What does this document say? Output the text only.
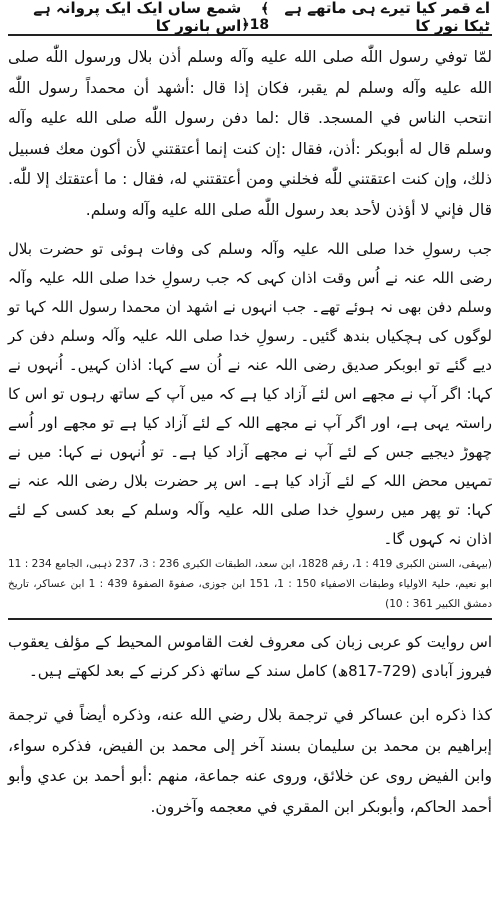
اے قمر کیا تیرے ہی ماتھے ہے ٹیکا نور کا
﴾18﴿
شمع ساں ایک ایک پروانہ ہے اس بانور کا

لمّا توفي رسول اللّٰه صلى الله عليه وآله وسلم أذن بلال ورسول اللّٰه صلى الله عليه وآله وسلم لم يقبر، فكان إذا قال :أشهد أن محمداً رسول اللّٰه انتحب الناس في المسجد. قال :لما دفن رسول اللّٰه صلى الله عليه وآله وسلم قال له أبوبكر :أذن، فقال :إن كنت إنما أعتقتني لأن أكون معك فسبيل ذلك، وإن كنت اعتقتني للّٰه فخلني ومن أعتقتني له، فقال : ما أعتقتك إلا للّٰه. قال فإني لا أؤذن لأحد بعد رسول اللّٰه صلى الله عليه وآله وسلم.

جب رسولِ خدا صلی اللہ علیہ وآلہ وسلم کی وفات ہوئی تو حضرت بلال رضی اللہ عنہ نے اُس وقت اذان کہی کہ جب رسولِ خدا صلی اللہ علیہ وآلہ وسلم دفن بھی نہ ہوئے تھے۔ جب انہوں نے اشھد ان محمدا رسول اللہ کہا تو لوگوں کی ہچکیاں بندھ گئیں۔ رسولِ خدا صلی اللہ علیہ وآلہ وسلم دفن کر دیے گئے تو ابوبکر صدیق رضی اللہ عنہ نے اُن سے کہا: اذان کہیں۔ اُنہوں نے کہا: اگر آپ نے مجھے اس لئے آزاد کیا ہے کہ میں آپ کے ساتھ رہوں تو اس کا راستہ یہی ہے، اور اگر آپ نے مجھے اللہ کے لئے آزاد کیا ہے تو مجھے اور اُسے چھوڑ دیجیے جس کے لئے آپ نے مجھے آزاد کیا ہے۔ تو اُنہوں نے کہا: میں نے تمہیں محض اللہ کے لئے آزاد کیا ہے۔ اس پر حضرت بلال رضی اللہ عنہ نے کہا: تو پھر میں رسولِ خدا صلی اللہ علیہ وآلہ وسلم کے بعد کسی کے لئے اذان نہ کہوں گا۔

(بیہقی، السنن الکبری 419 : 1، رقم 1828، ابن سعد، الطبقات الکبری 236 : 3، 237 ذہبی، الجامع 234 : 11 ابو نعیم، حلیۃ الاولیاء وطبقات الاصفیاء 150 : 1، 151 ابن جوزی، صفوۃ الصفوۃ 439 : 1 ابن عساکر، تاریخ دمشق الکبیر 361 : 10)

اس روایت کو عربی زبان کی معروف لغت القاموس المحیط کے مؤلف یعقوب فیروز آبادی (729-817ھ) کامل سند کے ساتھ ذکر کرنے کے بعد لکھتے ہیں۔

كذا ذكره ابن عساكر في ترجمة بلال رضي الله عنه، وذكره أيضاً في ترجمة إبراهيم بن محمد بن سليمان بسند آخر إلى محمد بن الفيض، فذكره سواء، وابن الفيض روى عن خلائق، وروى عنه جماعة، منهم :أبو أحمد بن عدي وأبو أحمد الحاكم، وأبوبكر ابن المقري في معجمه وآخرون.
